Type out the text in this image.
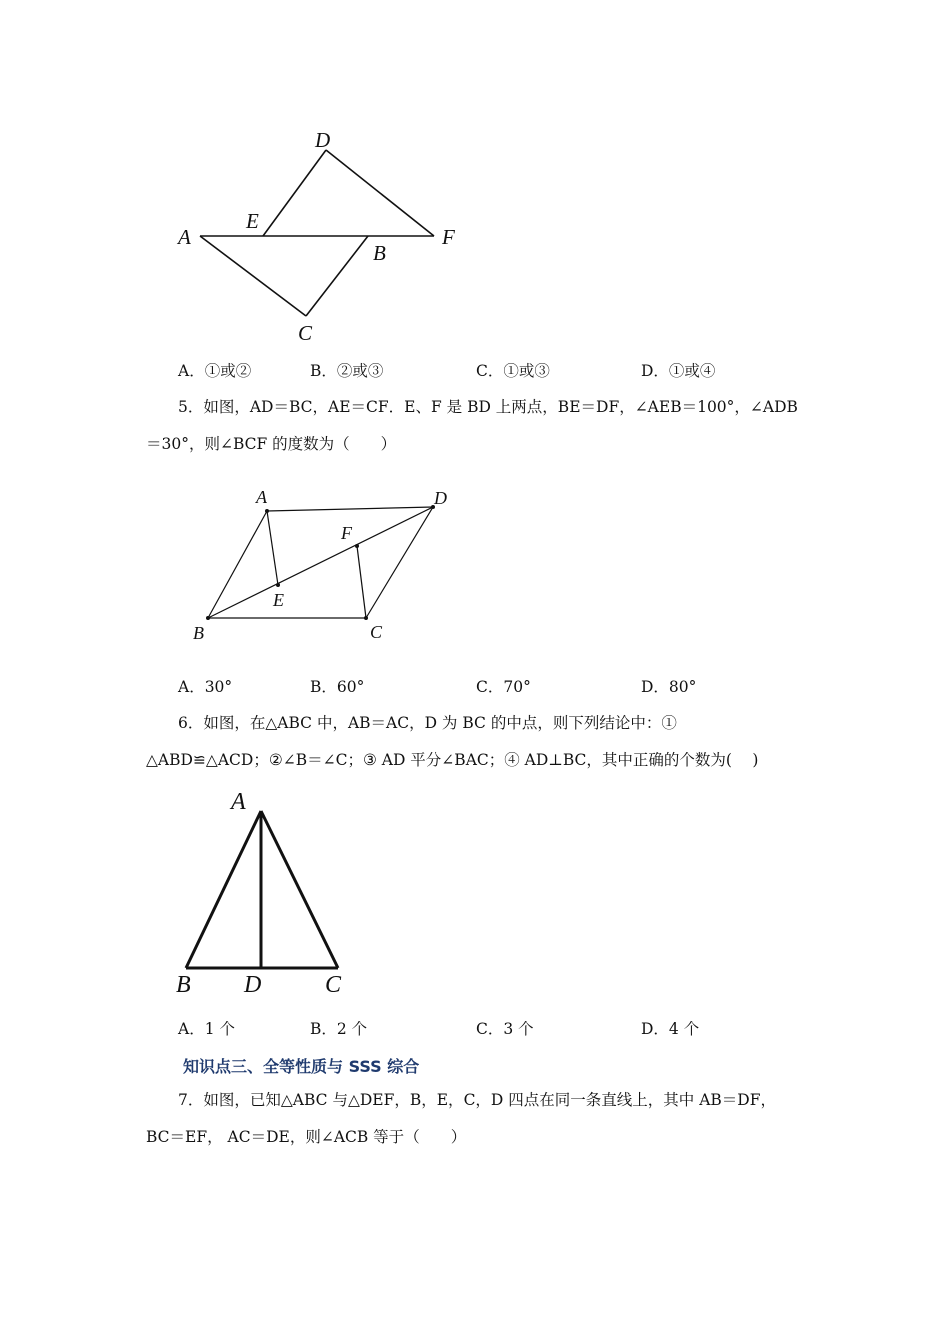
D
E
A	F
B
C
A．①或②	B．②或③	C．①或③	D．①或④
5．如图，AD＝BC，AE＝CF．E、F 是 BD 上两点，BE＝DF，∠AEB＝100°，∠ADB
＝30°，则∠BCF 的度数为（　　）
A	D
F
E
B	C
A．30°	B．60°	C．70°	D．80°
6．如图，在△ABC 中，AB＝AC，D 为 BC 的中点，则下列结论中：①
△ABD≌△ACD；②∠B＝∠C；③ AD 平分∠BAC；④ AD⊥BC，其中正确的个数为(　 )
A
B D	C
A．1 个	B．2 个	C．3 个	D．4 个
知识点三、全等性质与 SSS 综合
7．如图，已知△ABC 与△DEF，B，E，C，D 四点在同一条直线上，其中 AB＝DF，
BC＝EF， AC＝DE，则∠ACB 等于（　　）
